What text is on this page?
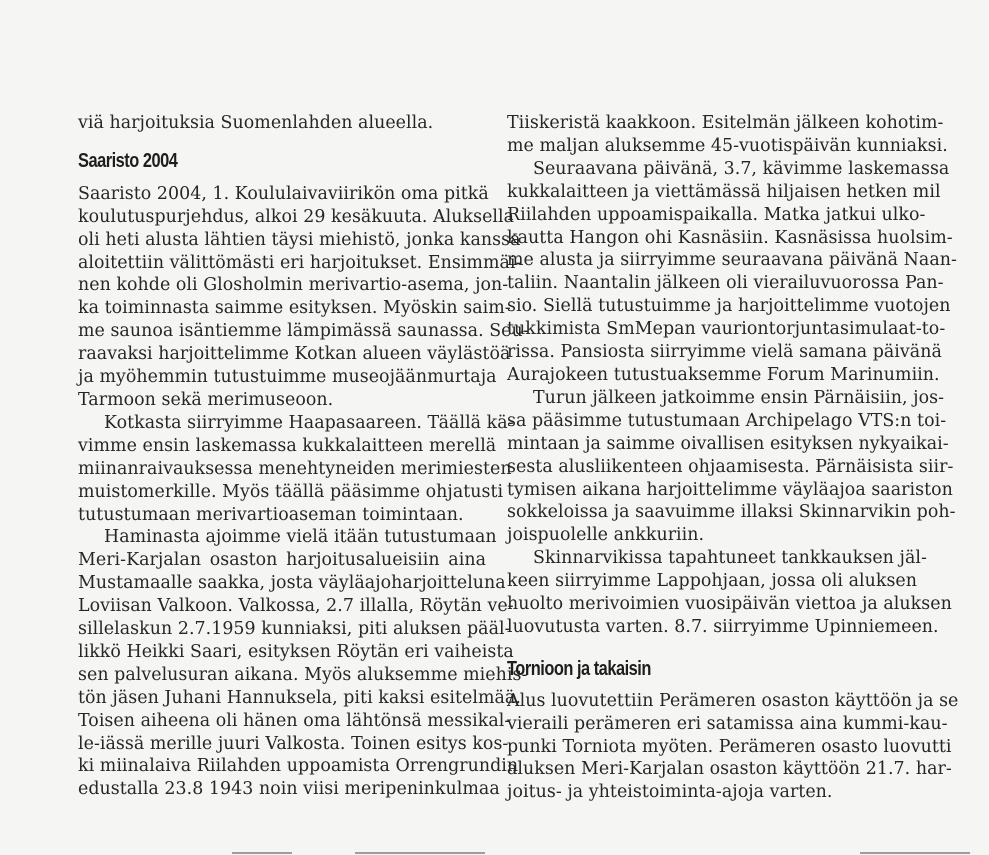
viä harjoituksia Suomenlahden alueella.
Saaristo 2004
Saaristo 2004, 1. Koululaivaviirikön oma pitkä
koulutuspurjehdus, alkoi 29 kesäkuuta. Aluksella
oli heti alusta lähtien täysi miehistö, jonka kanssa
aloitettiin välittömästi eri harjoitukset. Ensimmäi-
nen kohde oli Glosholmin merivartio-asema, jon-
ka toiminnasta saimme esityksen. Myöskin saim-
me saunoa isäntiemme lämpimässä saunassa. Seu-
raavaksi harjoittelimme Kotkan alueen väylästöä
ja myöhemmin tutustuimme museojäänmurtaja
Tarmoon sekä merimuseoon.
Kotkasta siirryimme Haapasaareen. Täällä kä-
vimme ensin laskemassa kukkalaitteen merellä
miinanraivauksessa menehtyneiden merimiesten
muistomerkille. Myös täällä pääsimme ohjatusti
tutustumaan merivartioaseman toimintaan.
Haminasta ajoimme vielä itään tutustumaan
Meri-Karjalan osaston harjoitusalueisiin aina
Mustamaalle saakka, josta väyläajoharjoitteluna
Loviisan Valkoon. Valkossa, 2.7 illalla, Röytän ve-
sillelaskun 2.7.1959 kunniaksi, piti aluksen pääl-
likkö Heikki Saari, esityksen Röytän eri vaiheista
sen palvelusuran aikana. Myös aluksemme miehis-
tön jäsen Juhani Hannuksela, piti kaksi esitelmää.
Toisen aiheena oli hänen oma lähtönsä messikal-
le-iässä merille juuri Valkosta. Toinen esitys kos-
ki miinalaiva Riilahden uppoamista Orrengrundin
edustalla 23.8 1943 noin viisi meripeninkulmaa
Tiiskeristä kaakkoon. Esitelmän jälkeen kohotim-
me maljan aluksemme 45-vuotispäivän kunniaksi.
Seuraavana päivänä, 3.7, kävimme laskemassa
kukkalaitteen ja viettämässä hiljaisen hetken mil
Riilahden uppoamispaikalla. Matka jatkui ulko-
kautta Hangon ohi Kasnäsiin. Kasnäsissa huolsim-
me alusta ja siirryimme seuraavana päivänä Naan-
taliin. Naantalin jälkeen oli vierailuvuorossa Pan-
sio. Siellä tutustuimme ja harjoittelimme vuotojen
tukkimista SmMepan vauriontorjuntasimulaat-to-
rissa. Pansiosta siirryimme vielä samana päivänä
Aurajokeen tutustuaksemme Forum Marinumiin.
Turun jälkeen jatkoimme ensin Pärnäisiin, jos-
sa pääsimme tutustumaan Archipelago VTS:n toi-
mintaan ja saimme oivallisen esityksen nykyaikai-
sesta alusliikenteen ohjaamisesta. Pärnäisista siir-
tymisen aikana harjoittelimme väyläajoa saariston
sokkeloissa ja saavuimme illaksi Skinnarvikin poh-
joispuolelle ankkuriin.
Skinnarvikissa tapahtuneet tankkauksen jäl-
keen siirryimme Lappohjaan, jossa oli aluksen
huolto merivoimien vuosipäivän viettoa ja aluksen
luovutusta varten. 8.7. siirryimme Upinniemeen.
Tornioon ja takaisin
Alus luovutettiin Perämeren osaston käyttöön ja se
vieraili perämeren eri satamissa aina kummi-kau-
punki Torniota myöten. Perämeren osasto luovutti
aluksen Meri-Karjalan osaston käyttöön 21.7. har-
joitus- ja yhteistoiminta-ajoja varten.
